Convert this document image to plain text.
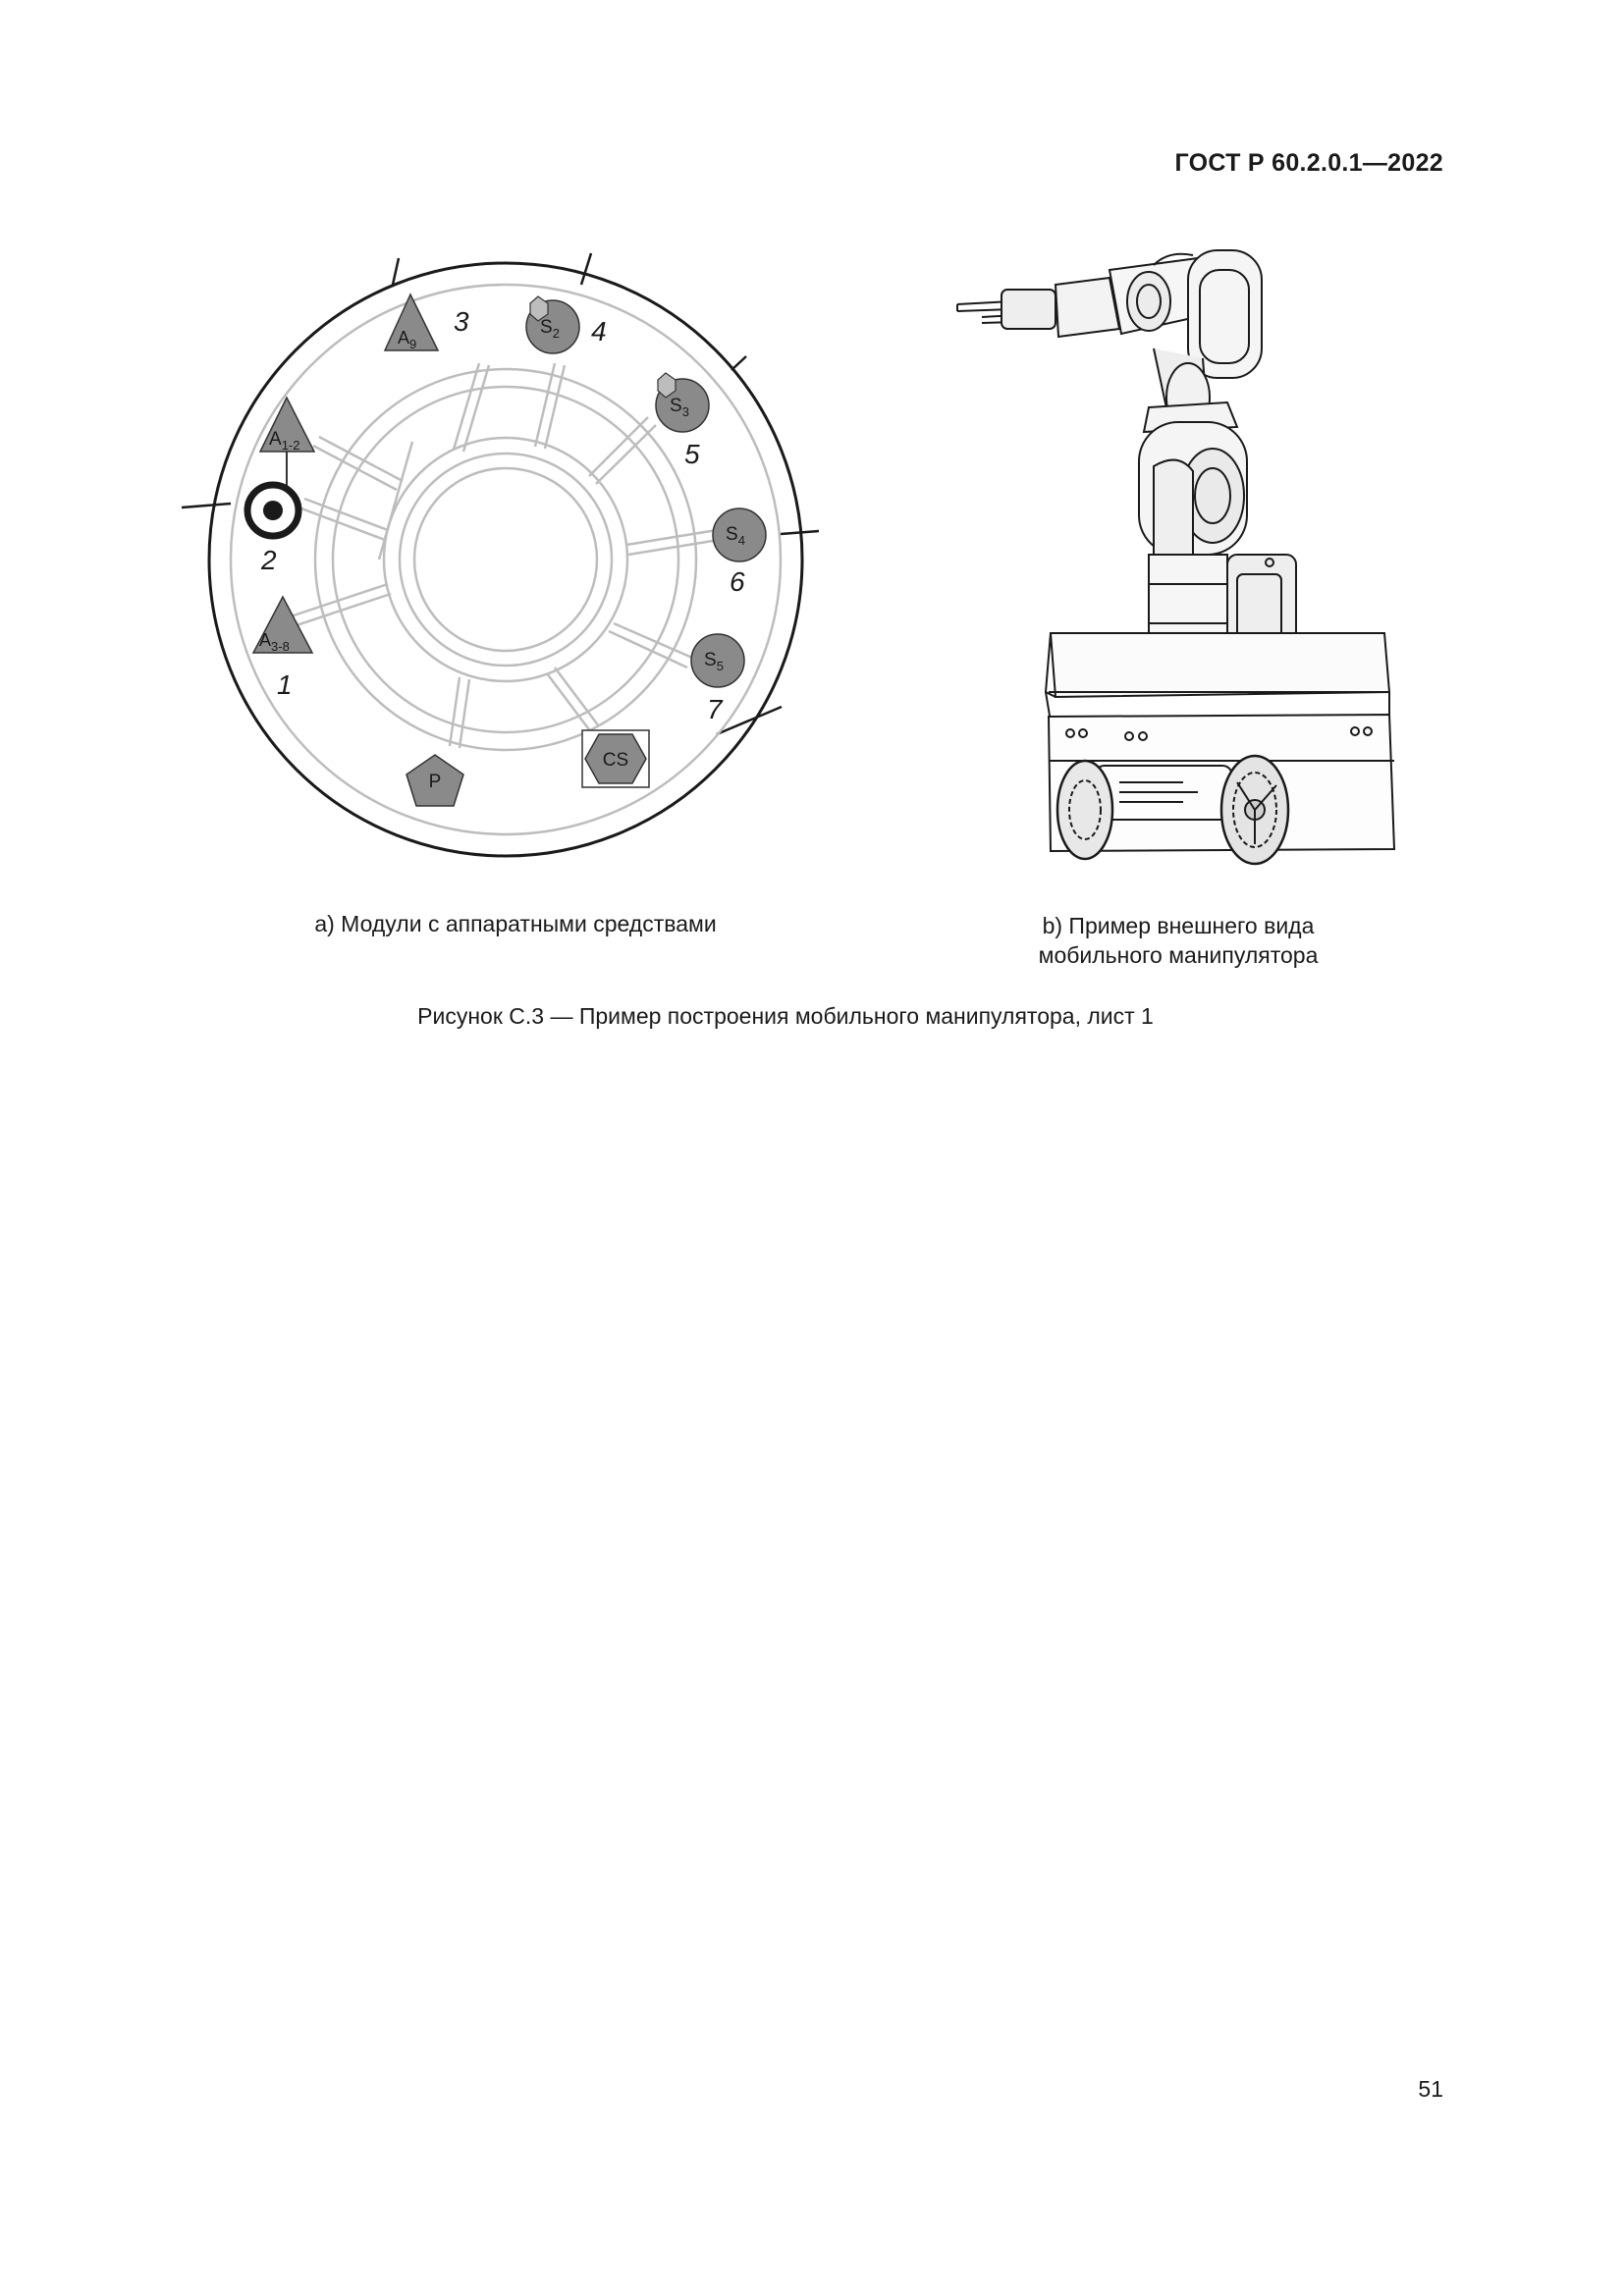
ГОСТ Р 60.2.0.1—2022
$A_{1-2}$
$A_{3-8}$
$A_9$
$S_2$
$S_3$
$S_4$
$S_5$
P
CS
1
2
3	4
5
6
7
а) Модули с аппаратными средствами	b) Пример внешнего вида
мобильного манипулятора
Рисунок С.3 — Пример построения мобильного манипулятора, лист 1
51
